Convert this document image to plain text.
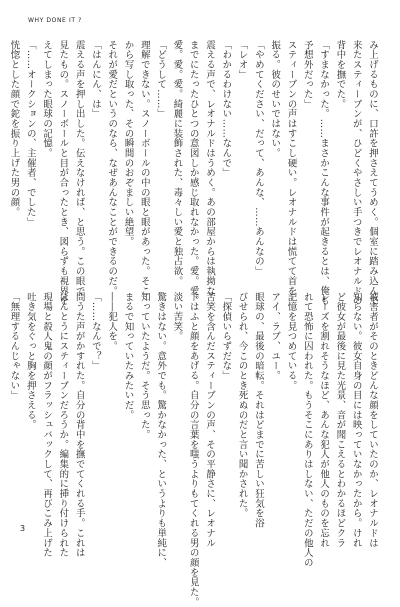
WHY DONE IT ?
み上げるものに、口許を押さえてうめく。個室に踏み込んで
来たスティーブンが、ひどくやさしい手つきでレオナルドの
背中を撫でた。
「すまなかった。……まさかこんな事件が起きるとは、俺も
予想外だった」
スティーブンの声はすこし硬い。レオナルドは慌てて首を
振る。彼のせいではない。
「やめてください、だって、あんな、……あんなの」
「レオ」
「わかるわけない……なんで」
震える声で、レオナルドはうめく。あの部屋からは執拗な
までにたったひとつの意図しか感じ取れなかった。愛。愛。
愛。愛。愛。綺麗に装飾された、毒々しい愛と独占欲。
「どうして……」
理解できない。スノーボールの中の眼と眼があった。そこ
から写し取った、その瞬間のおぞましい絶望。
それが愛だというのなら、なぜあんなことができるのだ。
「はんにん、は」
震える声を押し出した。伝えなければ、と思う。この眼で
見たもの。スノーボールと目が合ったとき、図らずも視界を
えてしまった眼球の記憶。
「……オークションの、主催者、でした」
恍惚とした顔で鉈を振り上げた男の顔。
被害者がそのときどんな顔をしていたのか、レオナルドは
知らない。彼女自身の目には映っていなかったから。けれ
ど彼女が最後に見た光景、音が聞こえるとわかるほどクラ
レーズを割れそうなほど、あんな犯人が他人のものを忘れ
れて恐怖に囚われた。もうそこにありはしない、ただの他人の
記憶を見つめている。
アイ、ラブ、ユー。
眼球の、最後の暗転。それはどまでに苦しい狂気を浴
びせられ、今このとき死ぬのだと言い聞かされた。
「探偵いらずだな」
苦笑を含んだスティーブンの声、その平静さに、レオナル
ドはふと顔をあげる。自分の言葉を嗤うよりもてくれる男の顔を見た。
淡い苦笑。
驚きはない。意外でも。驚かなかった、というよりも単純に、
知っていたようだ。そう思った。
まるで知っていたみたいだ。
――犯人を。
「……なんで？」
問うた声がかすれた。自分の背中を撫でてくれる手。これは
ほんとうにスティーブンだろうか。編集的に挿り付けられた
現場と殺人鬼の顔がフラッシュバックして、再びこみ上げた
吐き気をぐっと胸を押さえる。
「無理するんじゃない」
3
